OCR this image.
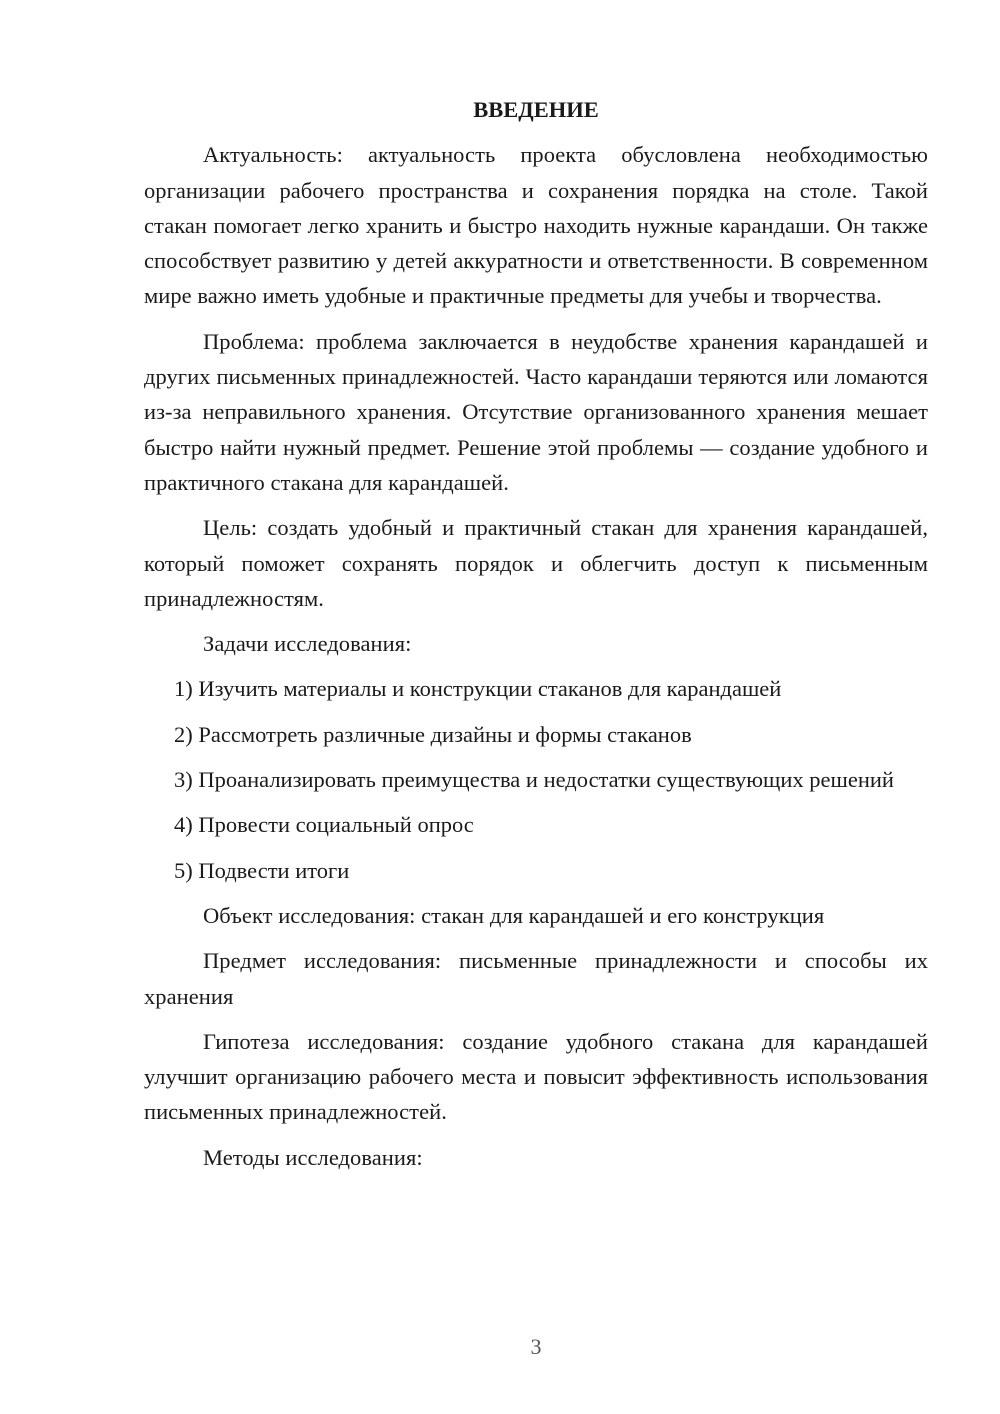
ВВЕДЕНИЕ

Актуальность: актуальность проекта обусловлена необходимостью организации рабочего пространства и сохранения порядка на столе. Такой стакан помогает легко хранить и быстро находить нужные карандаши. Он также способствует развитию у детей аккуратности и ответственности. В современном мире важно иметь удобные и практичные предметы для учебы и творчества.

Проблема: проблема заключается в неудобстве хранения карандашей и других письменных принадлежностей. Часто карандаши теряются или ломаются из-за неправильного хранения. Отсутствие организованного хранения мешает быстро найти нужный предмет. Решение этой проблемы — создание удобного и практичного стакана для карандашей.

Цель: создать удобный и практичный стакан для хранения карандашей, который поможет сохранять порядок и облегчить доступ к письменным принадлежностям.

Задачи исследования:

1) Изучить материалы и конструкции стаканов для карандашей

2) Рассмотреть различные дизайны и формы стаканов

3) Проанализировать преимущества и недостатки существующих решений

4) Провести социальный опрос

5) Подвести итоги

Объект исследования: стакан для карандашей и его конструкция

Предмет исследования: письменные принадлежности и способы их хранения

Гипотеза исследования: создание удобного стакана для карандашей улучшит организацию рабочего места и повысит эффективность использования письменных принадлежностей.

Методы исследования:

3
